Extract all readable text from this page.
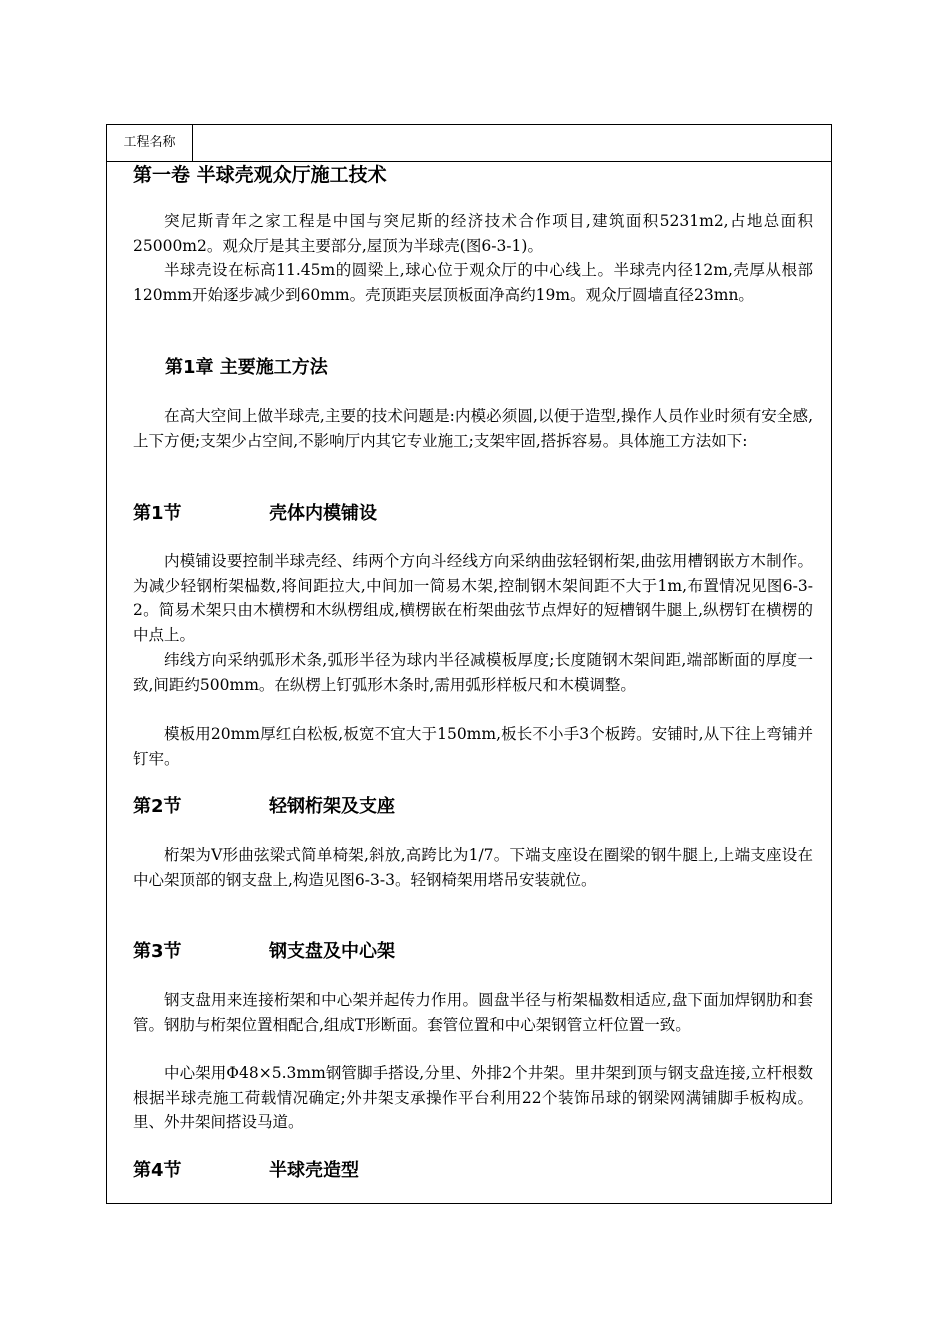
工程名称
第一卷 半球壳观众厅施工技术
突尼斯青年之家工程是中国与突尼斯的经济技术合作项目,建筑面积5231m2,占地总面积25000m2。观众厅是其主要部分,屋顶为半球壳(图6-3-1)。
半球壳设在标高11.45m的圆梁上,球心位于观众厅的中心线上。半球壳内径12m,壳厚从根部120mm开始逐步减少到60mm。壳顶距夹层顶板面净高约19m。观众厅圆墙直径23mn。
第1章 主要施工方法
在高大空间上做半球壳,主要的技术问题是:内模必须圆,以便于造型,操作人员作业时须有安全感,上下方便;支架少占空间,不影响厅内其它专业施工;支架牢固,搭拆容易。具体施工方法如下:
第1节	壳体内模铺设
内模铺设要控制半球壳经、纬两个方向斗经线方向采纳曲弦轻钢桁架,曲弦用槽钢嵌方木制作。为减少轻钢桁架榀数,将间距拉大,中间加一简易木架,控制钢木架间距不大于1m,布置情况见图6-3-2。简易术架只由木横楞和木纵楞组成,横楞嵌在桁架曲弦节点焊好的短槽钢牛腿上,纵楞钉在横楞的中点上。
纬线方向采纳弧形术条,弧形半径为球内半径减模板厚度;长度随钢木架间距,端部断面的厚度一致,间距约500mm。在纵楞上钉弧形木条时,需用弧形样板尺和木模调整。
模板用20mm厚红白松板,板宽不宜大于150mm,板长不小手3个板跨。安铺时,从下往上弯铺并钉牢。
第2节	轻钢桁架及支座
桁架为V形曲弦梁式简单椅架,斜放,高跨比为1/7。下端支座设在圈梁的钢牛腿上,上端支座设在中心架顶部的钢支盘上,构造见图6-3-3。轻钢椅架用塔吊安装就位。
第3节	钢支盘及中心架
钢支盘用来连接桁架和中心架并起传力作用。圆盘半径与桁架榀数相适应,盘下面加焊钢肋和套管。钢肋与桁架位置相配合,组成T形断面。套管位置和中心架钢管立杆位置一致。
中心架用Φ48×5.3mm钢管脚手搭设,分里、外排2个井架。里井架到顶与钢支盘连接,立杆根数根据半球壳施工荷载情况确定;外井架支承操作平台利用22个装饰吊球的钢梁网满铺脚手板构成。里、外井架间搭设马道。
第4节	半球壳造型
